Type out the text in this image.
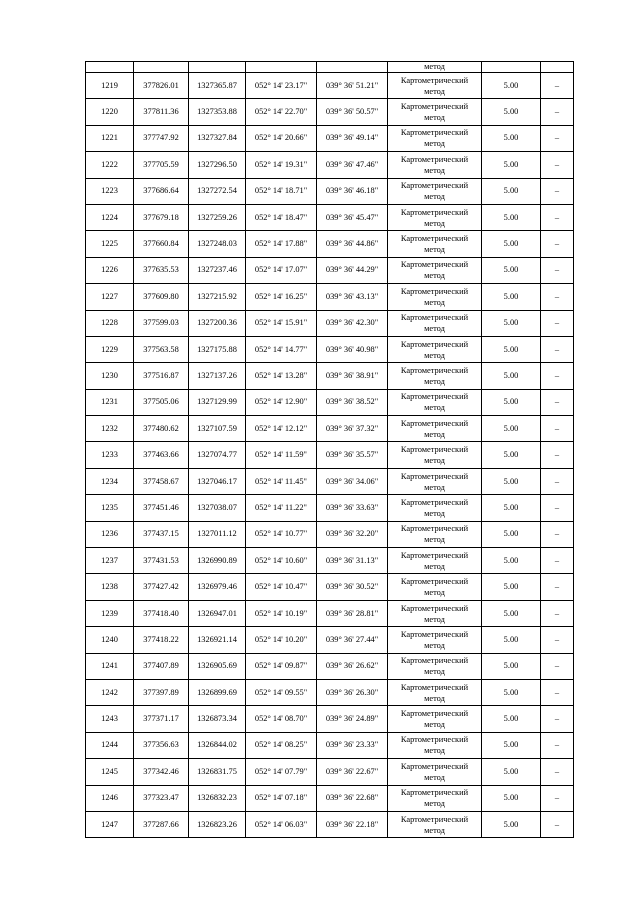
					метод		
1219	377826.01	1327365.87	052° 14' 23.17"	039° 36' 51.21"	Картометрический
метод	5.00	–
1220	377811.36	1327353.88	052° 14' 22.70"	039° 36' 50.57"	Картометрический
метод	5.00	–
1221	377747.92	1327327.84	052° 14' 20.66"	039° 36' 49.14"	Картометрический
метод	5.00	–
1222	377705.59	1327296.50	052° 14' 19.31"	039° 36' 47.46"	Картометрический
метод	5.00	–
1223	377686.64	1327272.54	052° 14' 18.71"	039° 36' 46.18"	Картометрический
метод	5.00	–
1224	377679.18	1327259.26	052° 14' 18.47"	039° 36' 45.47"	Картометрический
метод	5.00	–
1225	377660.84	1327248.03	052° 14' 17.88"	039° 36' 44.86"	Картометрический
метод	5.00	–
1226	377635.53	1327237.46	052° 14' 17.07"	039° 36' 44.29"	Картометрический
метод	5.00	–
1227	377609.80	1327215.92	052° 14' 16.25"	039° 36' 43.13"	Картометрический
метод	5.00	–
1228	377599.03	1327200.36	052° 14' 15.91"	039° 36' 42.30"	Картометрический
метод	5.00	–
1229	377563.58	1327175.88	052° 14' 14.77"	039° 36' 40.98"	Картометрический
метод	5.00	–
1230	377516.87	1327137.26	052° 14' 13.28"	039° 36' 38.91"	Картометрический
метод	5.00	–
1231	377505.06	1327129.99	052° 14' 12.90"	039° 36' 38.52"	Картометрический
метод	5.00	–
1232	377480.62	1327107.59	052° 14' 12.12"	039° 36' 37.32"	Картометрический
метод	5.00	–
1233	377463.66	1327074.77	052° 14' 11.59"	039° 36' 35.57"	Картометрический
метод	5.00	–
1234	377458.67	1327046.17	052° 14' 11.45"	039° 36' 34.06"	Картометрический
метод	5.00	–
1235	377451.46	1327038.07	052° 14' 11.22"	039° 36' 33.63"	Картометрический
метод	5.00	–
1236	377437.15	1327011.12	052° 14' 10.77"	039° 36' 32.20"	Картометрический
метод	5.00	–
1237	377431.53	1326990.89	052° 14' 10.60"	039° 36' 31.13"	Картометрический
метод	5.00	–
1238	377427.42	1326979.46	052° 14' 10.47"	039° 36' 30.52"	Картометрический
метод	5.00	–
1239	377418.40	1326947.01	052° 14' 10.19"	039° 36' 28.81"	Картометрический
метод	5.00	–
1240	377418.22	1326921.14	052° 14' 10.20"	039° 36' 27.44"	Картометрический
метод	5.00	–
1241	377407.89	1326905.69	052° 14' 09.87"	039° 36' 26.62"	Картометрический
метод	5.00	–
1242	377397.89	1326899.69	052° 14' 09.55"	039° 36' 26.30"	Картометрический
метод	5.00	–
1243	377371.17	1326873.34	052° 14' 08.70"	039° 36' 24.89"	Картометрический
метод	5.00	–
1244	377356.63	1326844.02	052° 14' 08.25"	039° 36' 23.33"	Картометрический
метод	5.00	–
1245	377342.46	1326831.75	052° 14' 07.79"	039° 36' 22.67"	Картометрический
метод	5.00	–
1246	377323.47	1326832.23	052° 14' 07.18"	039° 36' 22.68"	Картометрический
метод	5.00	–
1247	377287.66	1326823.26	052° 14' 06.03"	039° 36' 22.18"	Картометрический
метод	5.00	–
